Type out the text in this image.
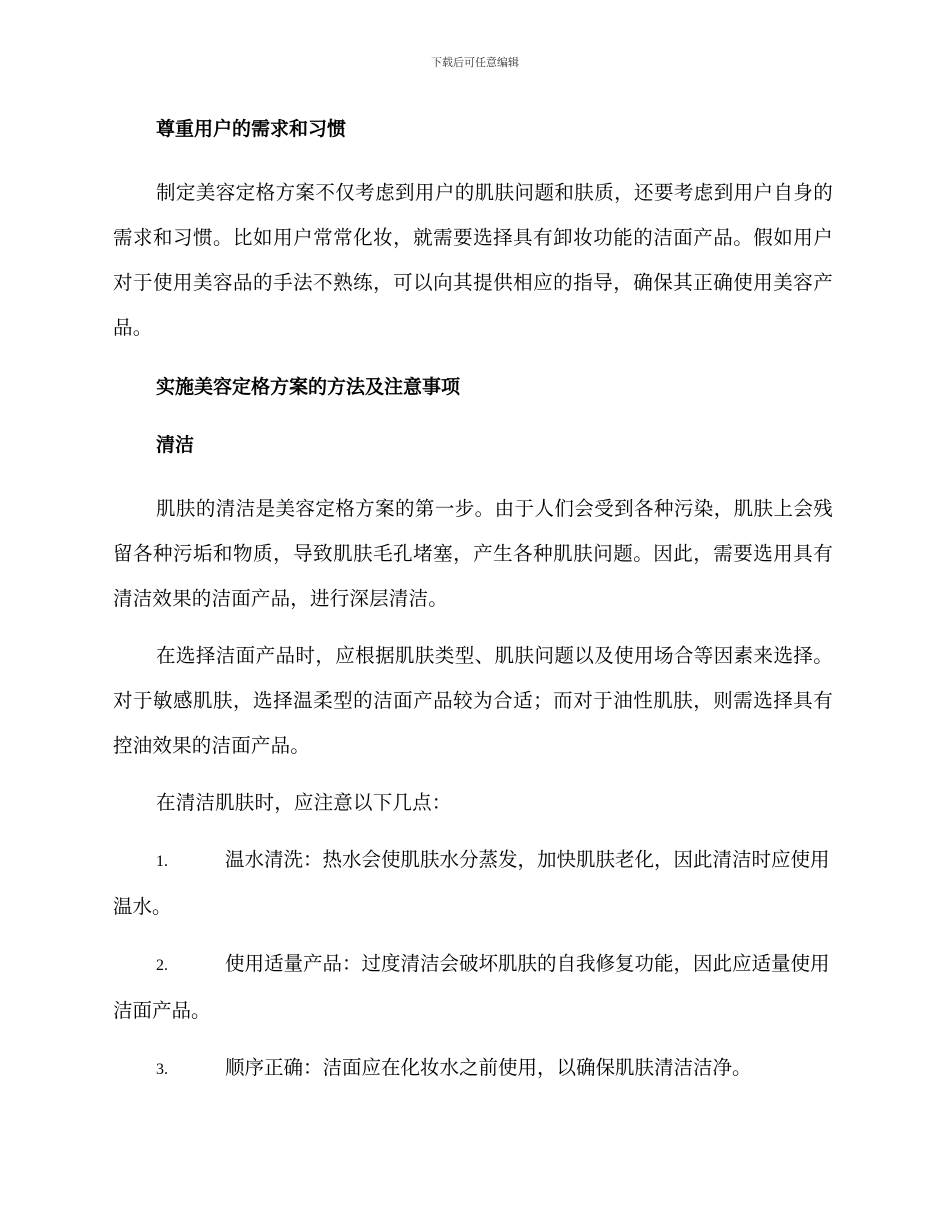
下载后可任意编辑
尊重用户的需求和习惯

制定美容定格方案不仅考虑到用户的肌肤问题和肤质，还要考虑到用户自身的需求和习惯。比如用户常常化妆，就需要选择具有卸妆功能的洁面产品。假如用户对于使用美容品的手法不熟练，可以向其提供相应的指导，确保其正确使用美容产品。

实施美容定格方案的方法及注意事项
清洁

肌肤的清洁是美容定格方案的第一步。由于人们会受到各种污染，肌肤上会残留各种污垢和物质，导致肌肤毛孔堵塞，产生各种肌肤问题。因此，需要选用具有清洁效果的洁面产品，进行深层清洁。

在选择洁面产品时，应根据肌肤类型、肌肤问题以及使用场合等因素来选择。对于敏感肌肤，选择温柔型的洁面产品较为合适；而对于油性肌肤，则需选择具有控油效果的洁面产品。

在清洁肌肤时，应注意以下几点：

1.	温水清洗：热水会使肌肤水分蒸发，加快肌肤老化，因此清洁时应使用温水。
2.	使用适量产品：过度清洁会破坏肌肤的自我修复功能，因此应适量使用洁面产品。
3.	顺序正确：洁面应在化妆水之前使用，以确保肌肤清洁洁净。
